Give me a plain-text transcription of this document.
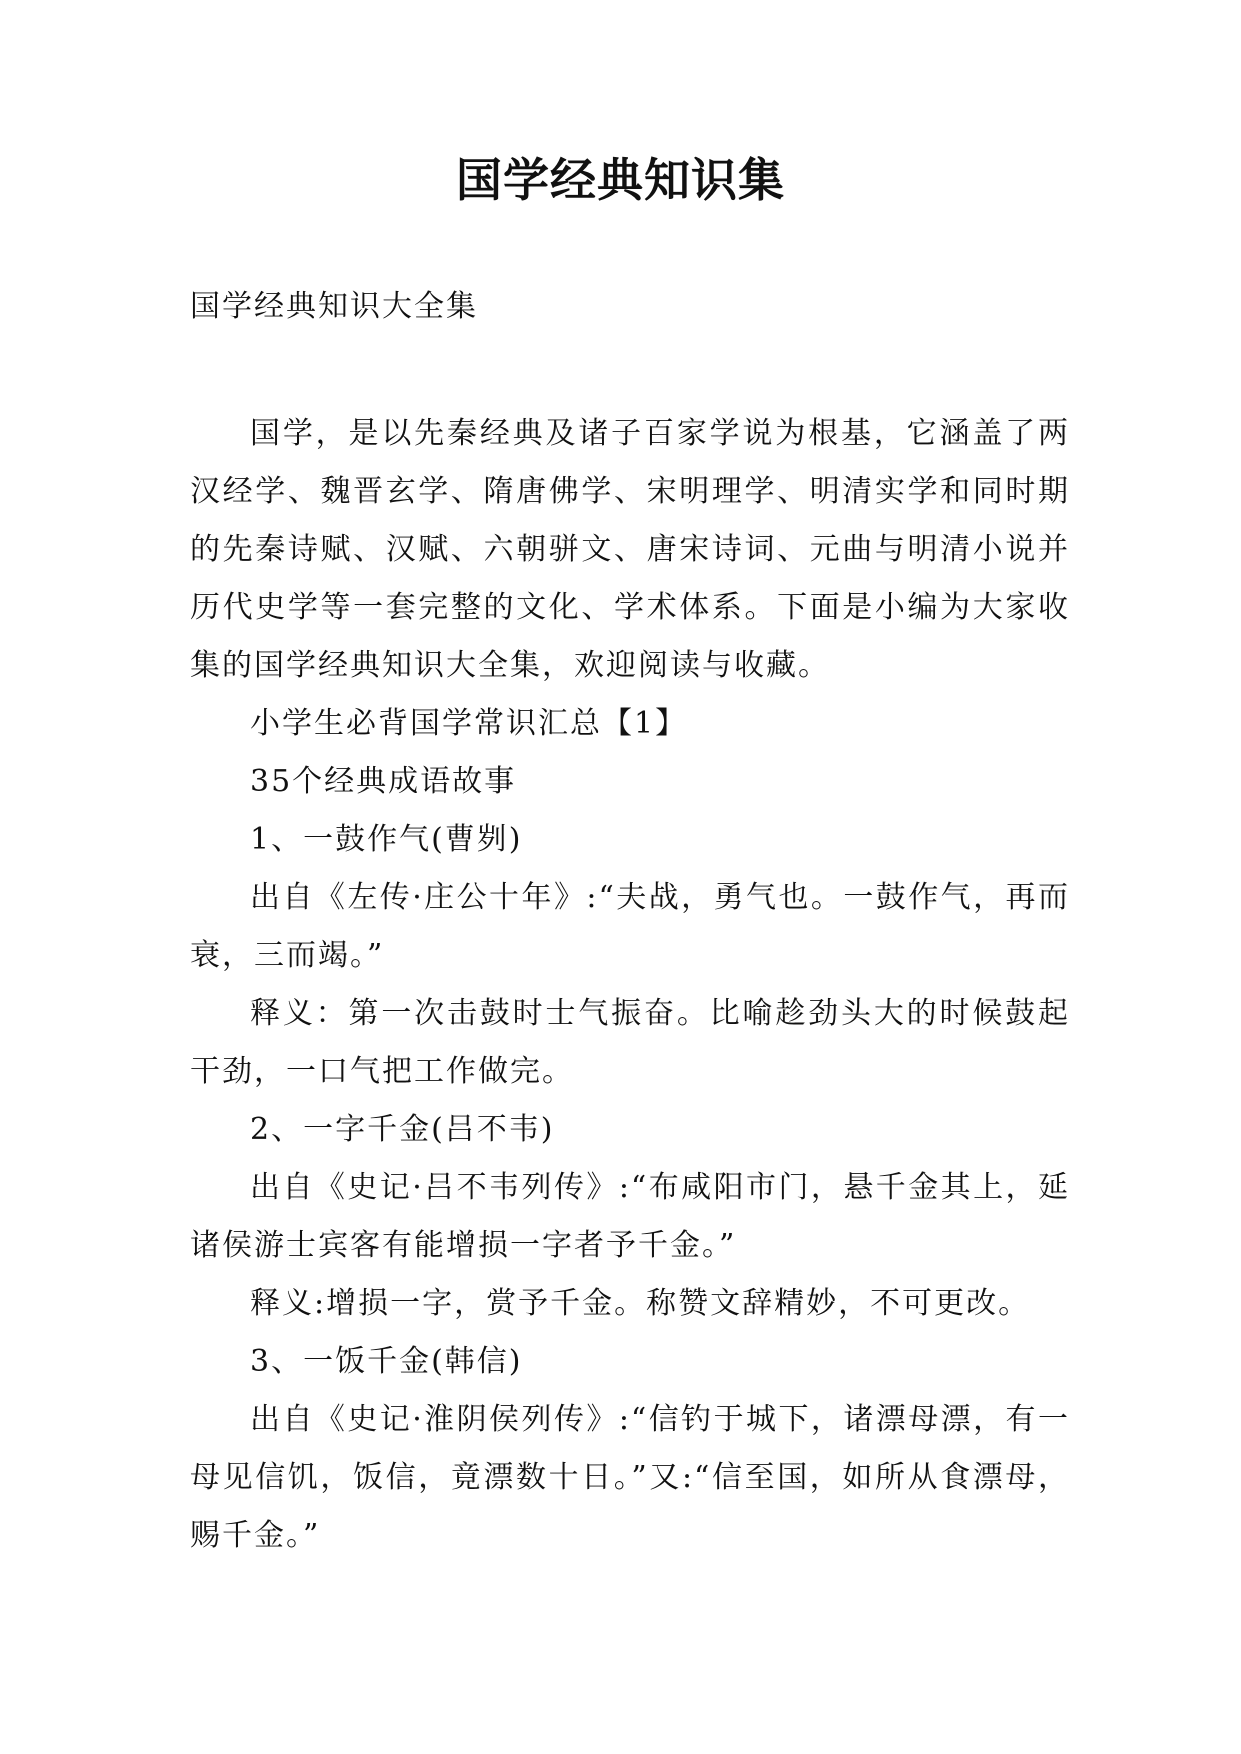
国学经典知识集
国学经典知识大全集

国学，是以先秦经典及诸子百家学说为根基，它涵盖了两汉经学、魏晋玄学、隋唐佛学、宋明理学、明清实学和同时期的先秦诗赋、汉赋、六朝骈文、唐宋诗词、元曲与明清小说并历代史学等一套完整的文化、学术体系。下面是小编为大家收集的国学经典知识大全集，欢迎阅读与收藏。

小学生必背国学常识汇总【1】

35个经典成语故事

1、一鼓作气(曹刿)

出自《左传·庄公十年》:“夫战，勇气也。一鼓作气，再而衰，三而竭。”

释义：第一次击鼓时士气振奋。比喻趁劲头大的时候鼓起干劲，一口气把工作做完。

2、一字千金(吕不韦)

出自《史记·吕不韦列传》:“布咸阳市门，悬千金其上，延诸侯游士宾客有能增损一字者予千金。”

释义:增损一字，赏予千金。称赞文辞精妙，不可更改。

3、一饭千金(韩信)

出自《史记·淮阴侯列传》:“信钓于城下，诸漂母漂，有一母见信饥，饭信，竟漂数十日。”又:“信至国，如所从食漂母，赐千金。”
